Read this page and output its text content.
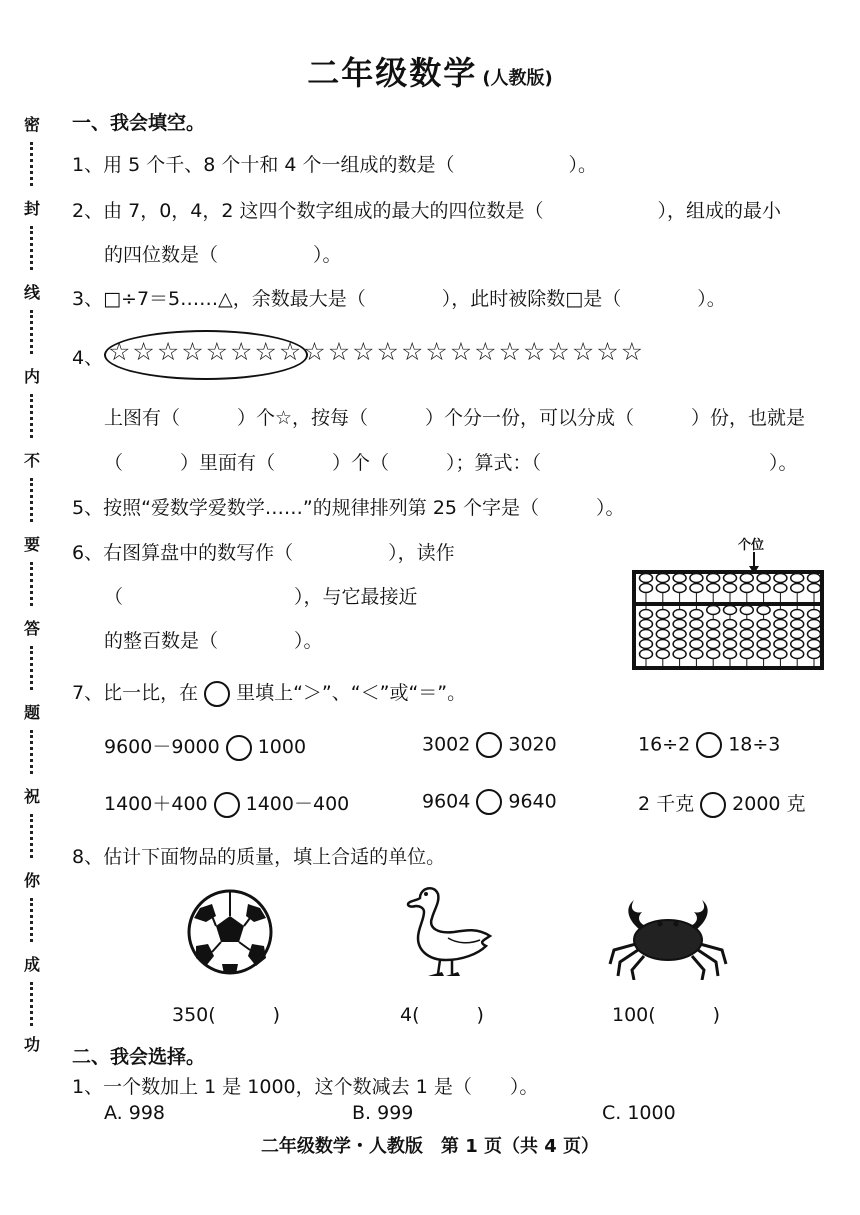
二年级数学 (人教版)
密
封
线
内
不
要
答
题
祝
你
成
功
一、我会填空。
1、用 5 个千、8 个十和 4 个一组成的数是（　　　　　　）。
2、由 7，0，4，2 这四个数字组成的最大的四位数是（　　　　　　），组成的最小
的四位数是（　　　　　）。
3、□÷7＝5……△，余数最大是（　　　　），此时被除数□是（　　　　）。
4、 ☆☆☆☆☆☆☆☆☆☆☆☆☆☆☆☆☆☆☆☆☆☆
上图有（　　　）个☆，按每（　　　）个分一份，可以分成（　　　）份，也就是
（　　　）里面有（　　　）个（　　　）；算式：（　　　　　　　　　　　　）。
5、按照“爱数学爱数学……”的规律排列第 25 个字是（　　　）。
6、右图算盘中的数写作（　　　　　），读作
（　　　　　　　　　），与它最接近
的整百数是（　　　　）。
个位
7、比一比，在 里填上“＞”、“＜”或“＝”。
9600－9000 1000	3002 3020	16÷2 18÷3
1400＋400 1400－400	9604 9640	2 千克 2000 克
8、估计下面物品的质量，填上合适的单位。
350(　　　)	4(　　　)	100(　　　)
二、我会选择。
1、一个数加上 1 是 1000，这个数减去 1 是（　　）。
A. 998	B. 999	C. 1000
二年级数学・人教版　第 1 页（共 4 页）
